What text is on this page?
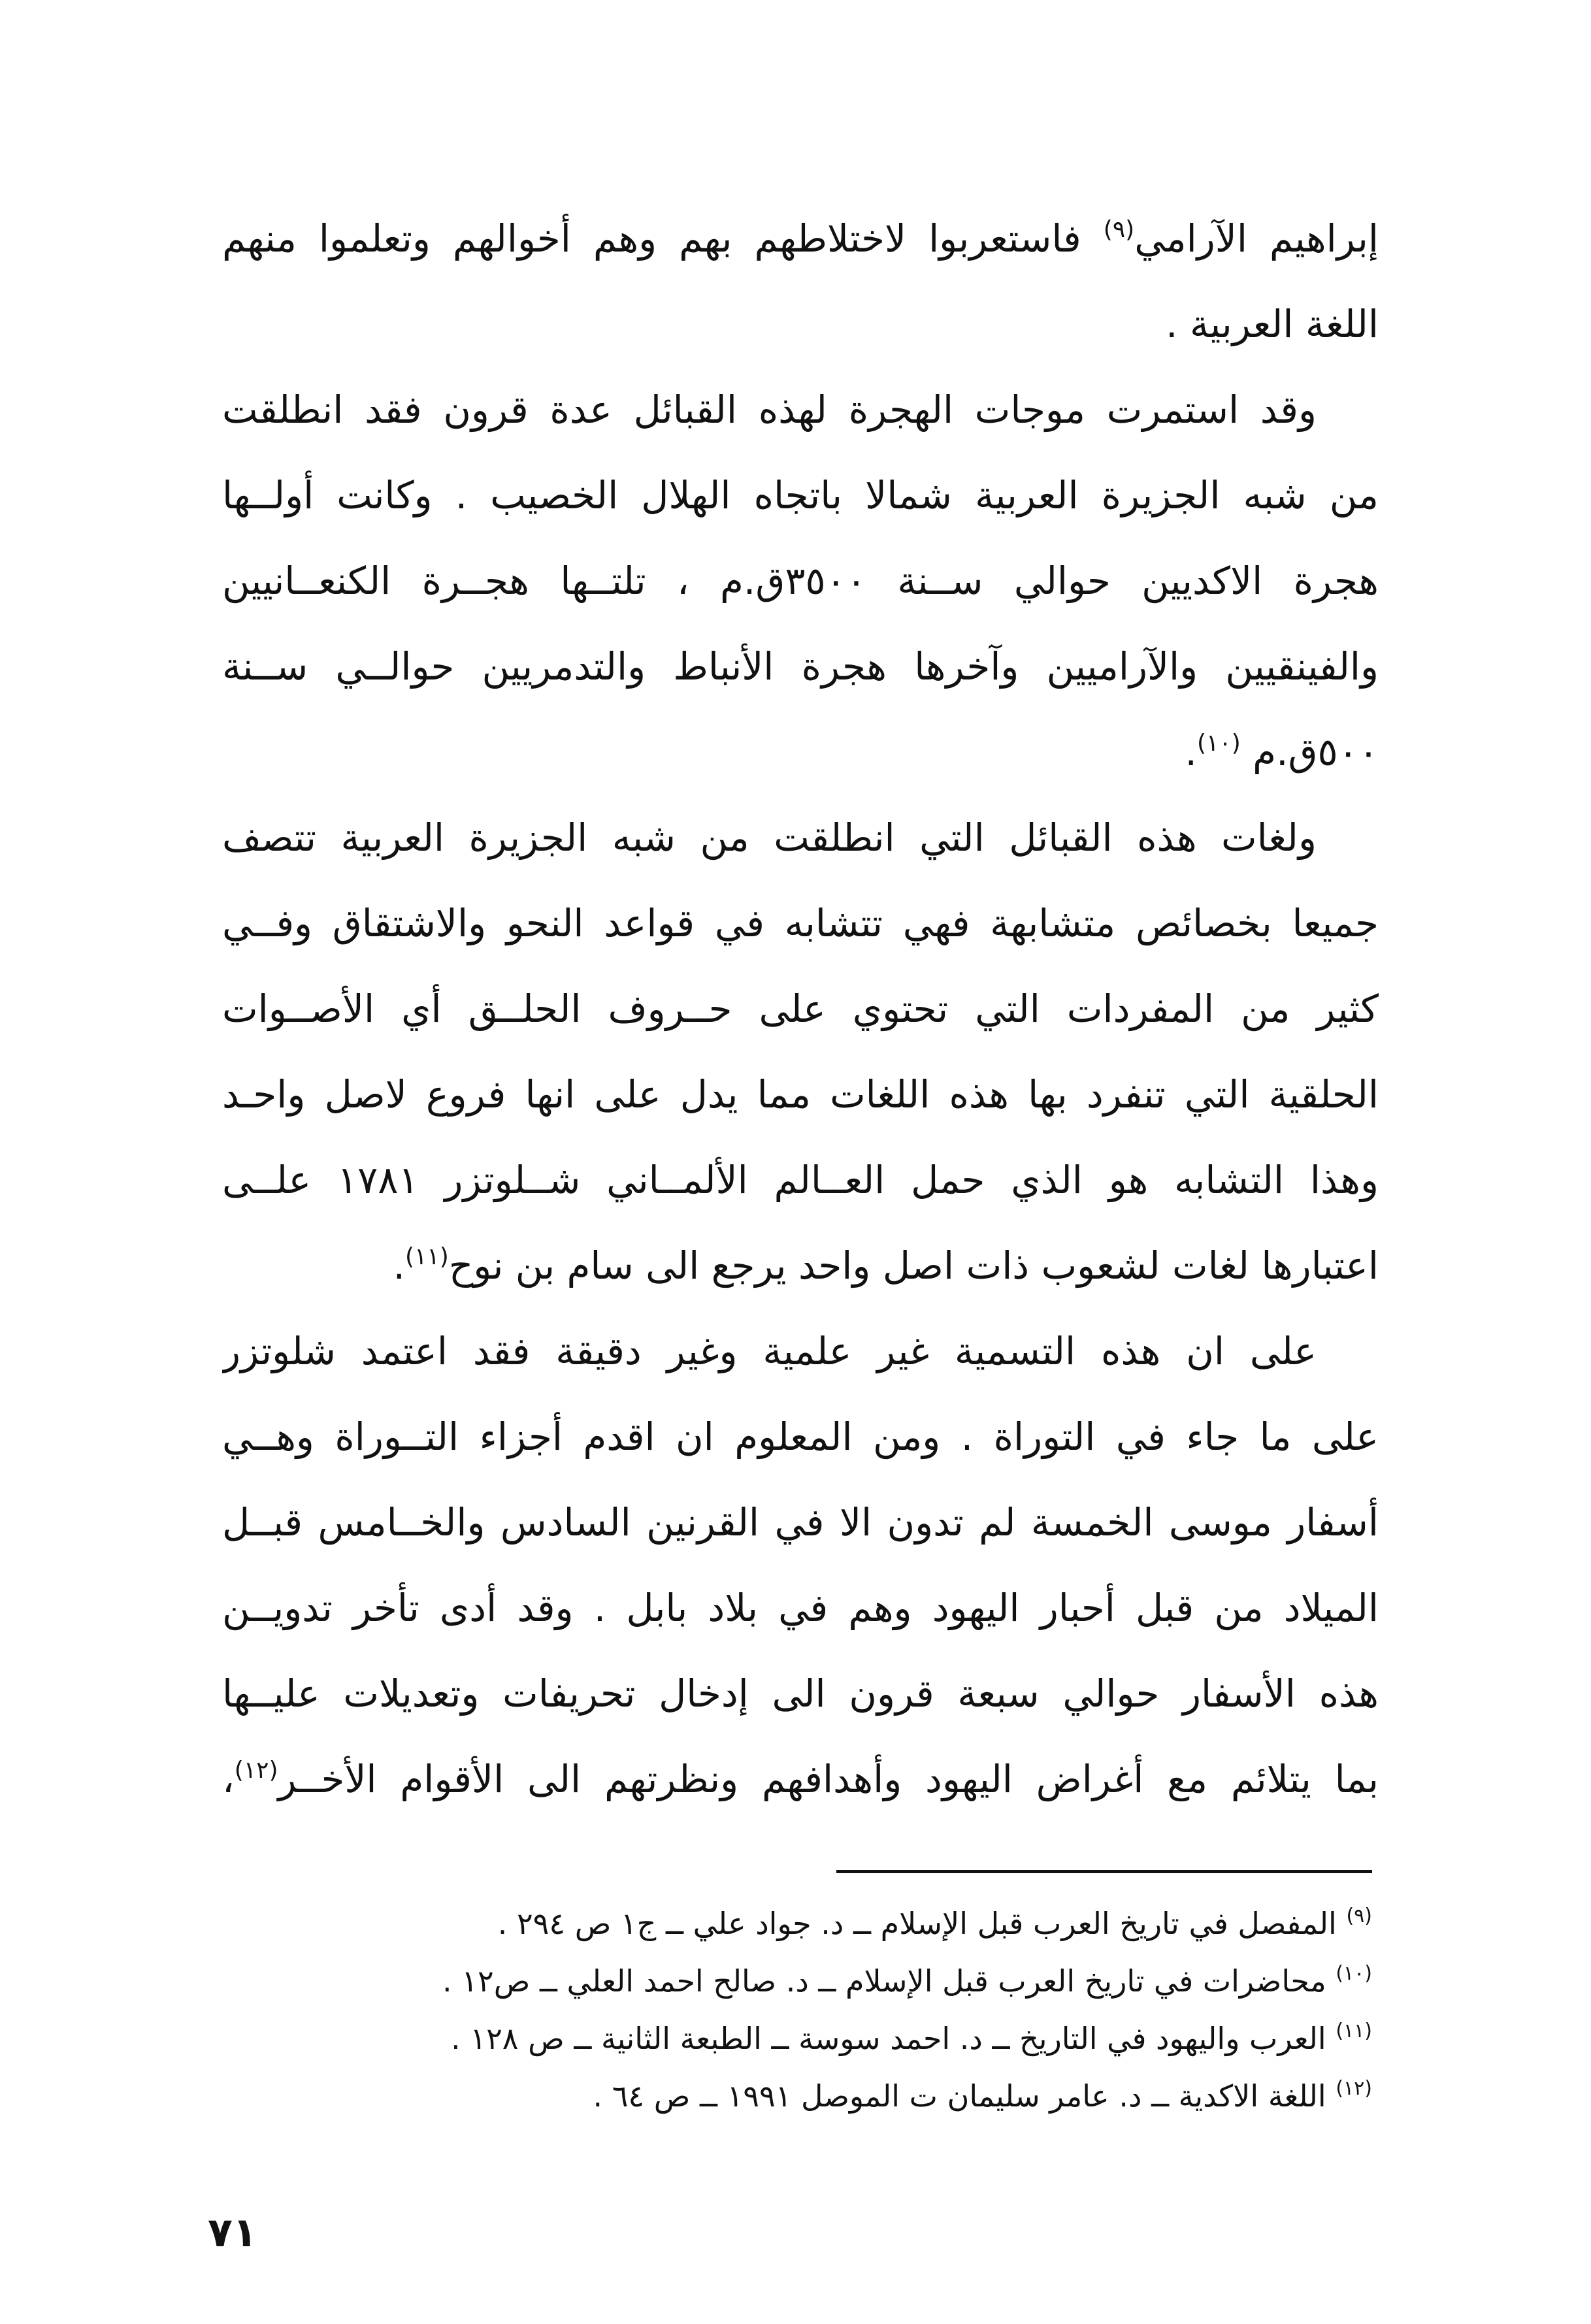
إبراهيم الآرامي$^{(٩)}$ فاستعربوا لاختلاطهم بهم وهم أخوالهم وتعلموا منهم
اللغة العربية .
وقد استمرت موجات الهجرة لهذه القبائل عدة قرون فقد انطلقت
من شبه الجزيرة العربية شمالا باتجاه الهلال الخصيب . وكانت أولــها
هجرة الاكديين حوالي ســنة ٣٥٠٠ق.م ، تلتــها هجــرة الكنعــانيين
والفينقيين والآراميين وآخرها هجرة الأنباط والتدمريين حوالــي ســنة
٥٠٠ق.م $^{(١٠)}$.
ولغات هذه القبائل التي انطلقت من شبه الجزيرة العربية تتصف
جميعا بخصائص متشابهة فهي تتشابه في قواعد النحو والاشتقاق وفــي
كثير من المفردات التي تحتوي على حــروف الحلــق أي الأصــوات
الحلقية التي تنفرد بها هذه اللغات مما يدل على انها فروع لاصل واحـد
وهذا التشابه هو الذي حمل العــالم الألمــاني شــلوتزر ١٧٨١ علــى
اعتبارها لغات لشعوب ذات اصل واحد يرجع الى سام بن نوح$^{(١١)}$.
على ان هذه التسمية غير علمية وغير دقيقة فقد اعتمد شلوتزر
على ما جاء في التوراة . ومن المعلوم ان اقدم أجزاء التــوراة وهــي
أسفار موسى الخمسة لم تدون الا في القرنين السادس والخــامس قبــل
الميلاد من قبل أحبار اليهود وهم في بلاد بابل . وقد أدى تأخر تدويــن
هذه الأسفار حوالي سبعة قرون الى إدخال تحريفات وتعديلات عليــها
بما يتلائم مع أغراض اليهود وأهدافهم ونظرتهم الى الأقوام الأخــر$^{(١٢)}$،
$^{(٩)}$ المفصل في تاريخ العرب قبل الإسلام ــ د. جواد علي ــ ج١ ص ٢٩٤ .
$^{(١٠)}$ محاضرات في تاريخ العرب قبل الإسلام ــ د. صالح احمد العلي ــ ص١٢ .
$^{(١١)}$ العرب واليهود في التاريخ ــ د. احمد سوسة ــ الطبعة الثانية ــ ص ١٢٨ .
$^{(١٢)}$ اللغة الاكدية ــ د. عامر سليمان ت الموصل ١٩٩١ ــ ص ٦٤ .
٧١
